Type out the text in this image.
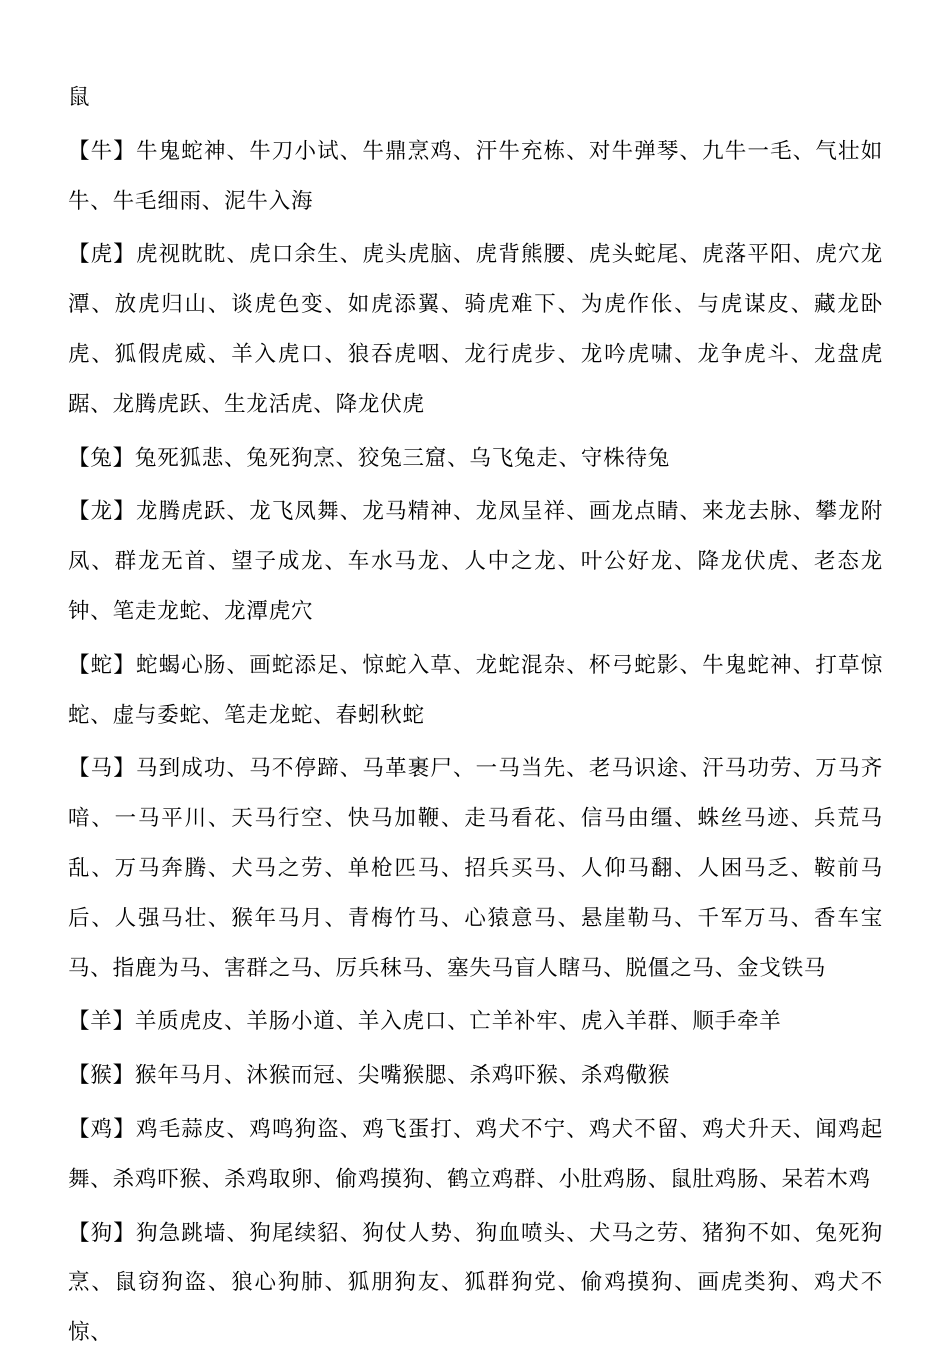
鼠

【牛】牛鬼蛇神、牛刀小试、牛鼎烹鸡、汗牛充栋、对牛弹琴、九牛一毛、气壮如牛、牛毛细雨、泥牛入海

【虎】虎视眈眈、虎口余生、虎头虎脑、虎背熊腰、虎头蛇尾、虎落平阳、虎穴龙潭、放虎归山、谈虎色变、如虎添翼、骑虎难下、为虎作伥、与虎谋皮、藏龙卧虎、狐假虎威、羊入虎口、狼吞虎咽、龙行虎步、龙吟虎啸、龙争虎斗、龙盘虎踞、龙腾虎跃、生龙活虎、降龙伏虎

【兔】兔死狐悲、兔死狗烹、狡兔三窟、乌飞兔走、守株待兔

【龙】龙腾虎跃、龙飞凤舞、龙马精神、龙凤呈祥、画龙点睛、来龙去脉、攀龙附凤、群龙无首、望子成龙、车水马龙、人中之龙、叶公好龙、降龙伏虎、老态龙钟、笔走龙蛇、龙潭虎穴

【蛇】蛇蝎心肠、画蛇添足、惊蛇入草、龙蛇混杂、杯弓蛇影、牛鬼蛇神、打草惊蛇、虚与委蛇、笔走龙蛇、春蚓秋蛇

【马】马到成功、马不停蹄、马革裹尸、一马当先、老马识途、汗马功劳、万马齐喑、一马平川、天马行空、快马加鞭、走马看花、信马由缰、蛛丝马迹、兵荒马乱、万马奔腾、犬马之劳、单枪匹马、招兵买马、人仰马翻、人困马乏、鞍前马后、人强马壮、猴年马月、青梅竹马、心猿意马、悬崖勒马、千军万马、香车宝马、指鹿为马、害群之马、厉兵秣马、塞失马盲人瞎马、脱僵之马、金戈铁马

【羊】羊质虎皮、羊肠小道、羊入虎口、亡羊补牢、虎入羊群、顺手牵羊

【猴】猴年马月、沐猴而冠、尖嘴猴腮、杀鸡吓猴、杀鸡儆猴

【鸡】鸡毛蒜皮、鸡鸣狗盗、鸡飞蛋打、鸡犬不宁、鸡犬不留、鸡犬升天、闻鸡起舞、杀鸡吓猴、杀鸡取卵、偷鸡摸狗、鹤立鸡群、小肚鸡肠、鼠肚鸡肠、呆若木鸡

【狗】狗急跳墙、狗尾续貂、狗仗人势、狗血喷头、犬马之劳、猪狗不如、兔死狗烹、鼠窃狗盗、狼心狗肺、狐朋狗友、狐群狗党、偷鸡摸狗、画虎类狗、鸡犬不惊、
